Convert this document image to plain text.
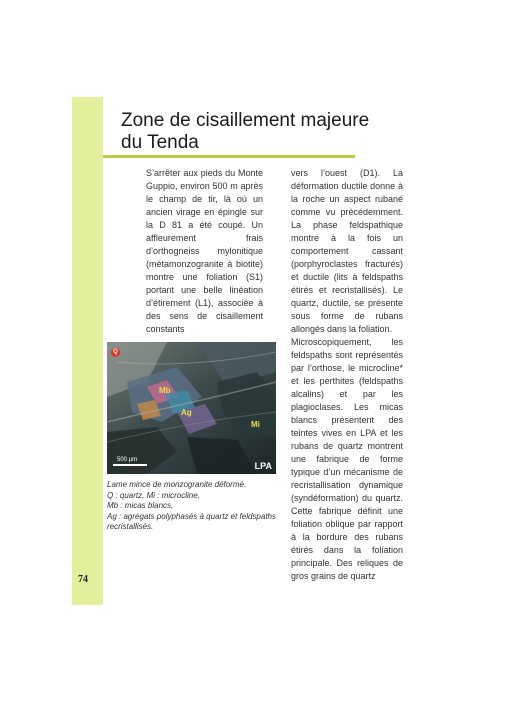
74
Zone de cisaillement majeure du Tenda

S’arrêter aux pieds du Monte Guppio, environ 500 m après le champ de tir, là où un ancien virage en épingle sur la D 81 a été coupé. Un affleurement frais d’orthogneiss mylonitique (métamonzogranite à biotite) montre une foliation (S1) portant une belle linéation d’étirement (L1), associée à des sens de cisaillement constants

vers l’ouest (D1). La déformation ductile donne à la roche un aspect rubané comme vu précédemment. La phase feldspathique montre à la fois un comportement cassant (porphyroclastes fracturés) et ductile (lits à feldspaths étirés et recristallisés). Le quartz, ductile, se présente sous forme de rubans allongés dans la foliation.

Microscopiquement, les feldspaths sont représentés par l’orthose, le microcline* et les perthites (feldspaths alcalins) et par les plagioclases. Les micas blancs présentent des teintes vives en LPA et les rubans de quartz montrent une fabrique de forme typique d’un mécanisme de recristallisation dynamique (syndéformation) du quartz. Cette fabrique définit une foliation oblique par rapport à la bordure des rubans étirés dans la foliation principale. Des reliques de gros grains de quartz

Q
Mb
Ag
Mi
500 µm
LPA
Lame mince de monzogranite déformé.
Q : quartz, Mi : microcline,
Mb : micas blancs,
Ag : agrégats polyphasés à quartz et feldspaths recristallisés.
